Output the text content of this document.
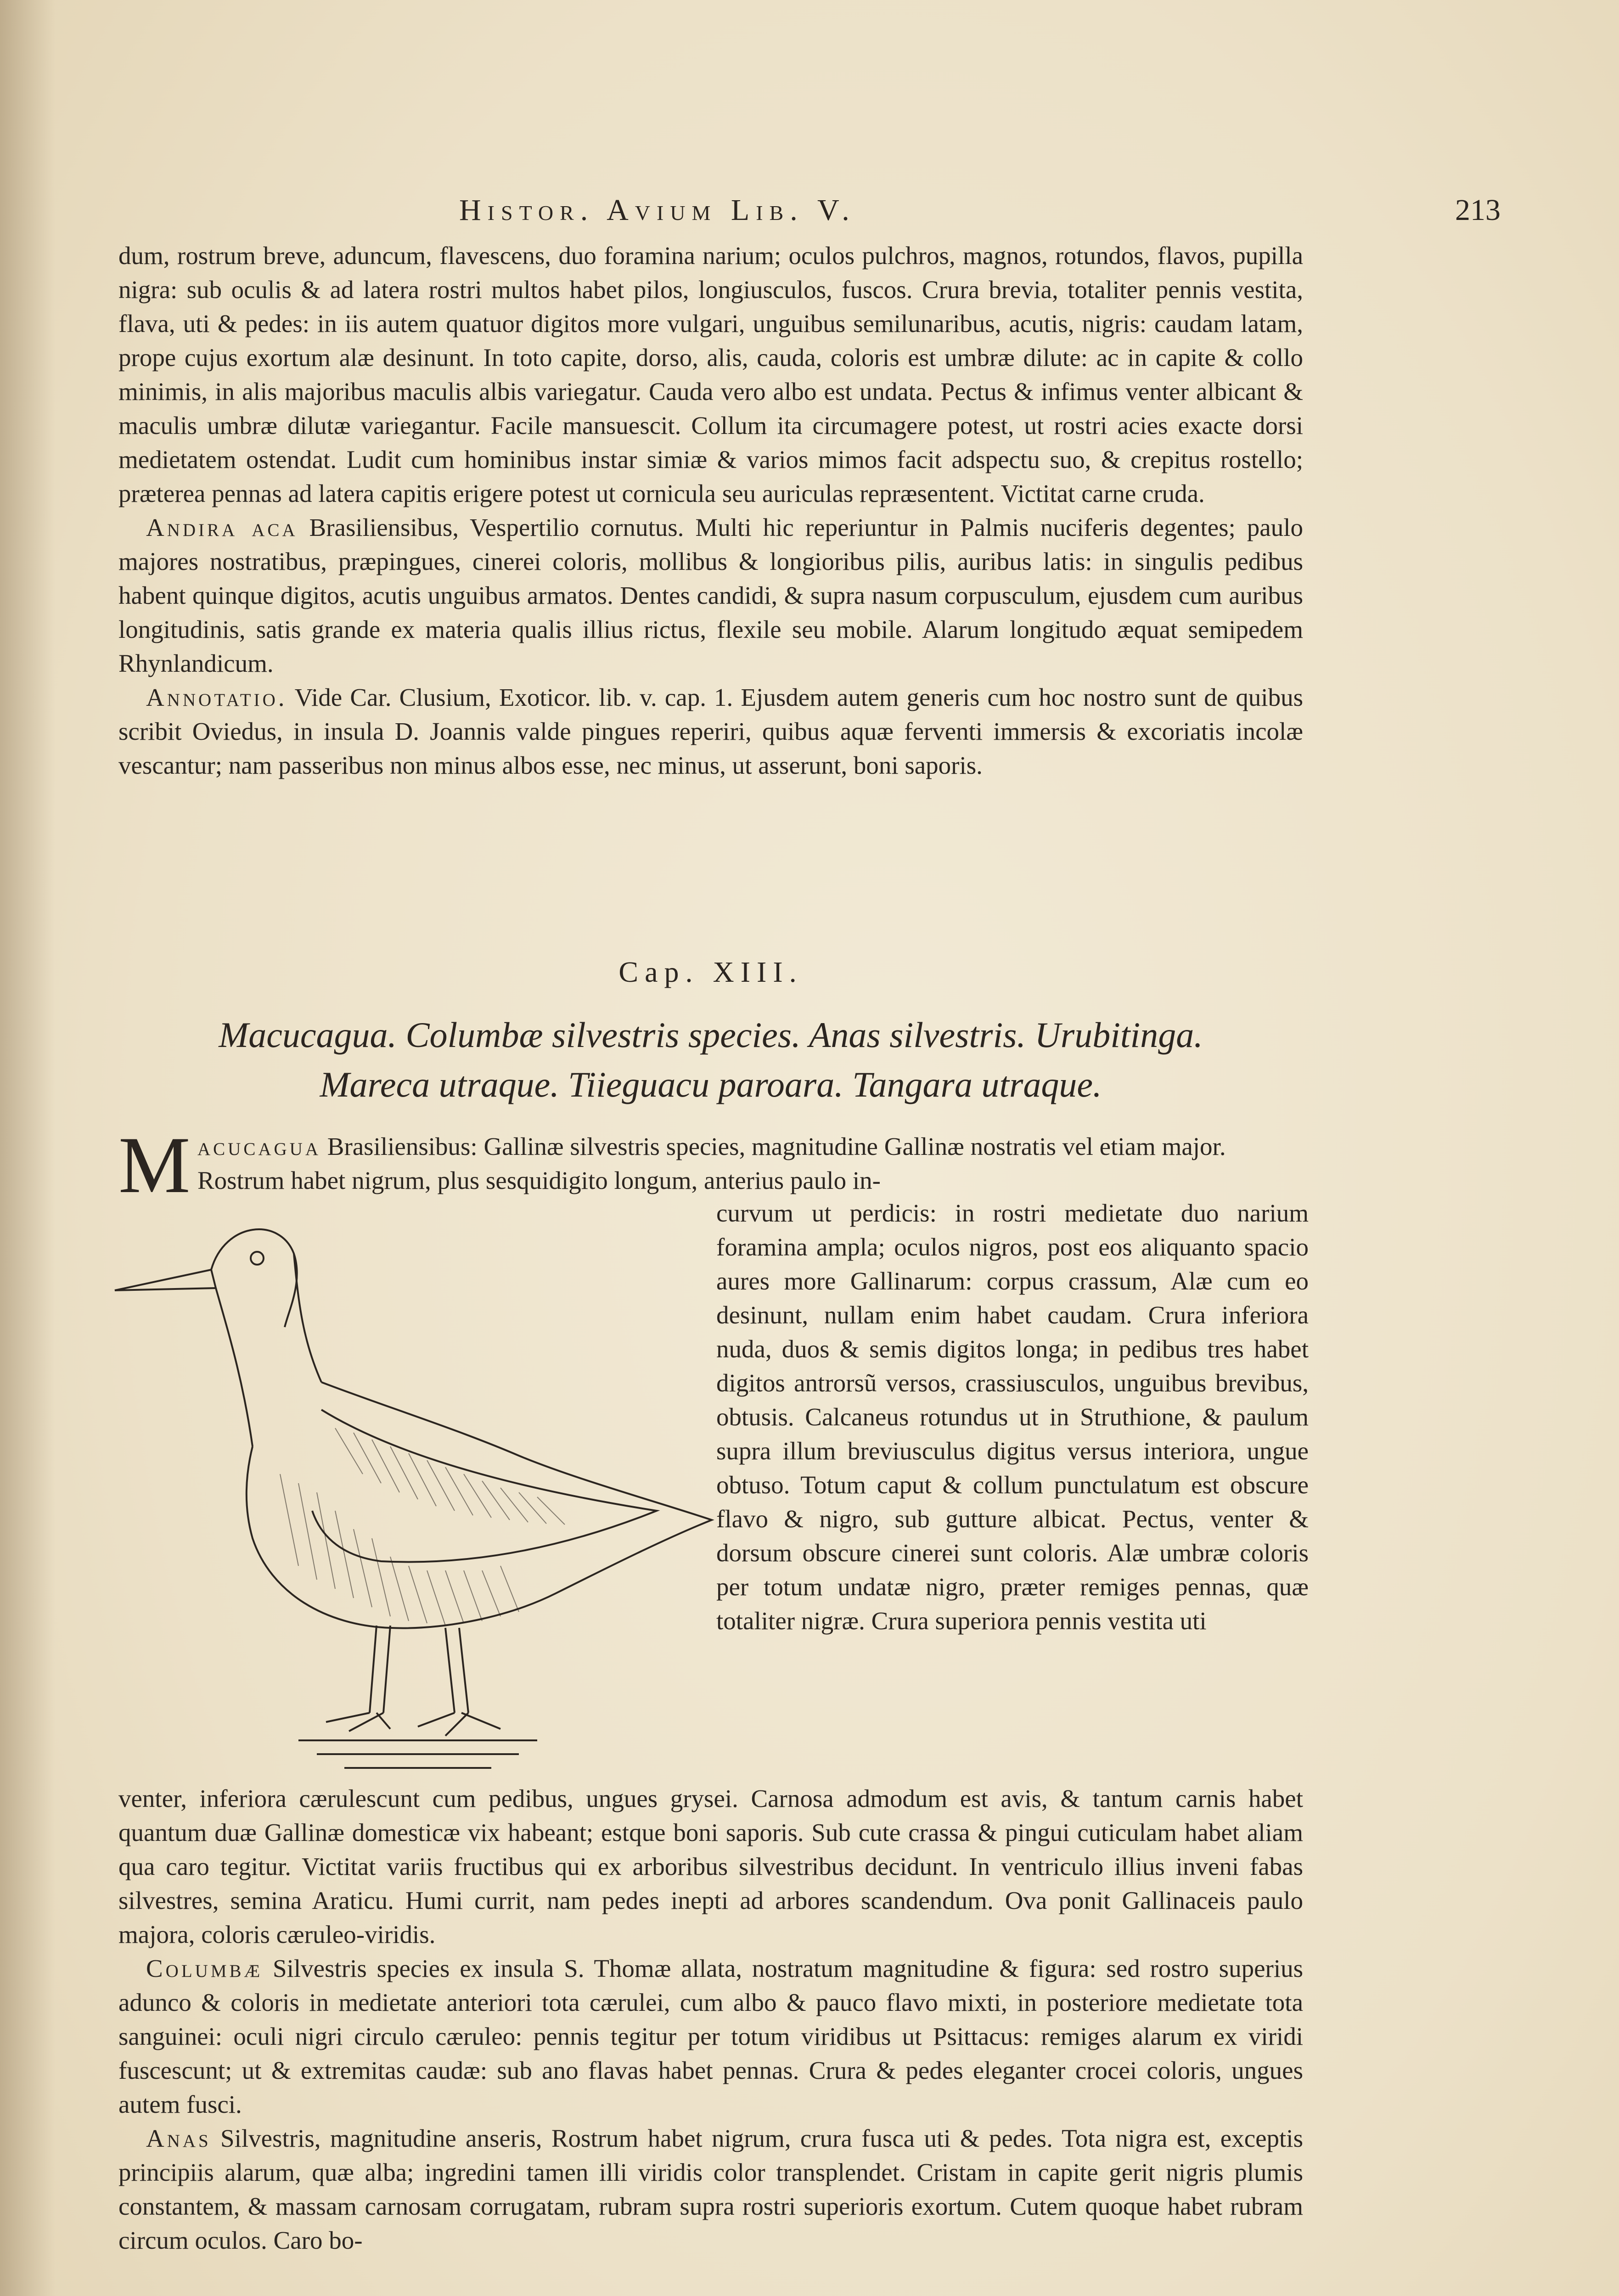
Histor. Avium Lib. V.	213

dum, rostrum breve, aduncum, flavescens, duo foramina narium; oculos pulchros, magnos, rotundos, flavos, pupilla nigra: sub oculis & ad latera rostri multos habet pilos, longiusculos, fuscos. Crura brevia, totaliter pennis vestita, flava, uti & pedes: in iis autem quatuor digitos more vulgari, unguibus semilunaribus, acutis, nigris: caudam latam, prope cujus exortum alæ desinunt. In toto capite, dorso, alis, cauda, coloris est umbræ dilute: ac in capite & collo minimis, in alis majoribus maculis albis variegatur. Cauda vero albo est undata. Pectus & infimus venter albicant & maculis umbræ dilutæ variegantur. Facile mansuescit. Collum ita circumagere potest, ut rostri acies exacte dorsi medietatem ostendat. Ludit cum hominibus instar simiæ & varios mimos facit adspectu suo, & crepitus rostello; præterea pennas ad latera capitis erigere potest ut cornicula seu auriculas repræsentent. Victitat carne cruda.

Andira aca Brasiliensibus, Vespertilio cornutus. Multi hic reperiuntur in Palmis nuciferis degentes; paulo majores nostratibus, præpingues, cinerei coloris, mollibus & longioribus pilis, auribus latis: in singulis pedibus habent quinque digitos, acutis unguibus armatos. Dentes candidi, & supra nasum corpusculum, ejusdem cum auribus longitudinis, satis grande ex materia qualis illius rictus, flexile seu mobile. Alarum longitudo æquat semipedem Rhynlandicum.

Annotatio. Vide Car. Clusium, Exoticor. lib. v. cap. 1. Ejusdem autem generis cum hoc nostro sunt de quibus scribit Oviedus, in insula D. Joannis valde pingues reperiri, quibus aquæ ferventi immersis & excoriatis incolæ vescantur; nam passeribus non minus albos esse, nec minus, ut asserunt, boni saporis.

Cap. XIII.
Macucagua. Columbæ silvestris species. Anas silvestris. Urubitinga.
Mareca utraque. Tiieguacu paroara. Tangara utraque.
M acucagua Brasiliensibus: Gallinæ silvestris species, magnitudine Gallinæ nostratis vel etiam major. Rostrum habet nigrum, plus sesquidigito longum, anterius paulo in-
curvum ut perdicis: in rostri medietate duo narium foramina ampla; oculos nigros, post eos aliquanto spacio aures more Gallinarum: corpus crassum, Alæ cum eo desinunt, nullam enim habet caudam. Crura inferiora nuda, duos & semis digitos longa; in pedibus tres habet digitos antrorsũ versos, crassiusculos, unguibus brevibus, obtusis. Calcaneus rotundus ut in Struthione, & paulum supra illum breviusculus digitus versus interiora, ungue obtuso. Totum caput & collum punctulatum est obscure flavo & nigro, sub gutture albicat. Pectus, venter & dorsum obscure cinerei sunt coloris. Alæ umbræ coloris per totum undatæ nigro, præter remiges pennas, quæ totaliter nigræ. Crura superiora pennis vestita uti

venter, inferiora cærulescunt cum pedibus, ungues grysei. Carnosa admodum est avis, & tantum carnis habet quantum duæ Gallinæ domesticæ vix habeant; estque boni saporis. Sub cute crassa & pingui cuticulam habet aliam qua caro tegitur. Victitat variis fructibus qui ex arboribus silvestribus decidunt. In ventriculo illius inveni fabas silvestres, semina Araticu. Humi currit, nam pedes inepti ad arbores scandendum. Ova ponit Gallinaceis paulo majora, coloris cæruleo-viridis.

Columbæ Silvestris species ex insula S. Thomæ allata, nostratum magnitudine & figura: sed rostro superius adunco & coloris in medietate anteriori tota cærulei, cum albo & pauco flavo mixti, in posteriore medietate tota sanguinei: oculi nigri circulo cæruleo: pennis tegitur per totum viridibus ut Psittacus: remiges alarum ex viridi fuscescunt; ut & extremitas caudæ: sub ano flavas habet pennas. Crura & pedes eleganter crocei coloris, ungues autem fusci.

Anas Silvestris, magnitudine anseris, Rostrum habet nigrum, crura fusca uti & pedes. Tota nigra est, exceptis principiis alarum, quæ alba; ingredini tamen illi viridis color transplendet. Cristam in capite gerit nigris plumis constantem, & massam carnosam corrugatam, rubram supra rostri superioris exortum. Cutem quoque habet rubram circum oculos. Caro bo-
